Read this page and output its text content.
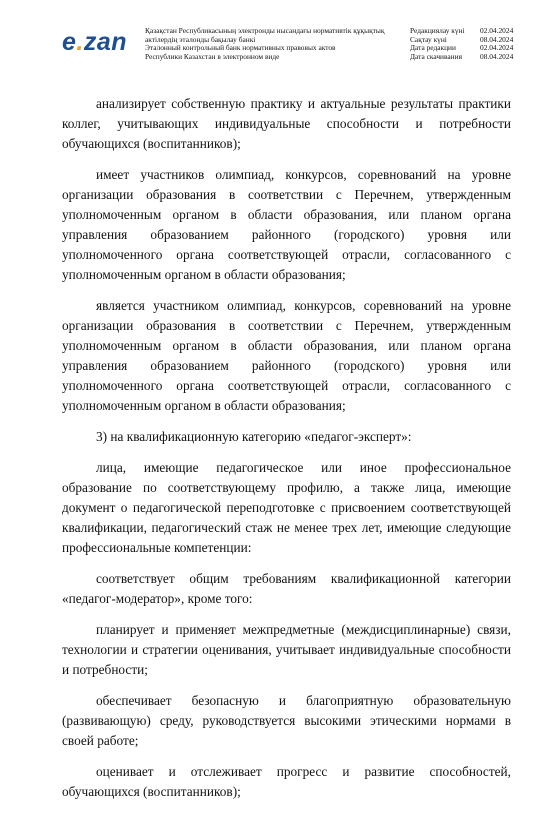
e.zan Қазақстан Республикасының электронды нысандағы нормативтік құқықтық
актілердің эталонды бақылау банкі
Эталонный контрольный банк нормативных правовых актов
Республики Казахстан в электронном виде
Редакциялау күні	02.04.2024
Сақтау күні	08.04.2024
Дата редакции	02.04.2024
Дата скачивания	08.04.2024

анализирует собственную практику и актуальные результаты практики коллег, учитывающих индивидуальные способности и потребности обучающихся (воспитанников);

имеет участников олимпиад, конкурсов, соревнований на уровне организации образования в соответствии с Перечнем, утвержденным уполномоченным органом в области образования, или планом органа управления образованием районного (городского) уровня или уполномоченного органа соответствующей отрасли, согласованного с уполномоченным органом в области образования;

является участником олимпиад, конкурсов, соревнований на уровне организации образования в соответствии с Перечнем, утвержденным уполномоченным органом в области образования, или планом органа управления образованием районного (городского) уровня или уполномоченного органа соответствующей отрасли, согласованного с уполномоченным органом в области образования;

3) на квалификационную категорию «педагог-эксперт»:

лица, имеющие педагогическое или иное профессиональное образование по соответствующему профилю, а также лица, имеющие документ о педагогической переподготовке с присвоением соответствующей квалификации, педагогический стаж не менее трех лет, имеющие следующие профессиональные компетенции:

соответствует общим требованиям квалификационной категории «педагог-модератор», кроме того:

планирует и применяет межпредметные (междисциплинарные) связи, технологии и стратегии оценивания, учитывает индивидуальные способности и потребности;

обеспечивает безопасную и благоприятную образовательную (развивающую) среду, руководствуется высокими этическими нормами в своей работе;

оценивает и отслеживает прогресс и развитие способностей, обучающихся (воспитанников);
